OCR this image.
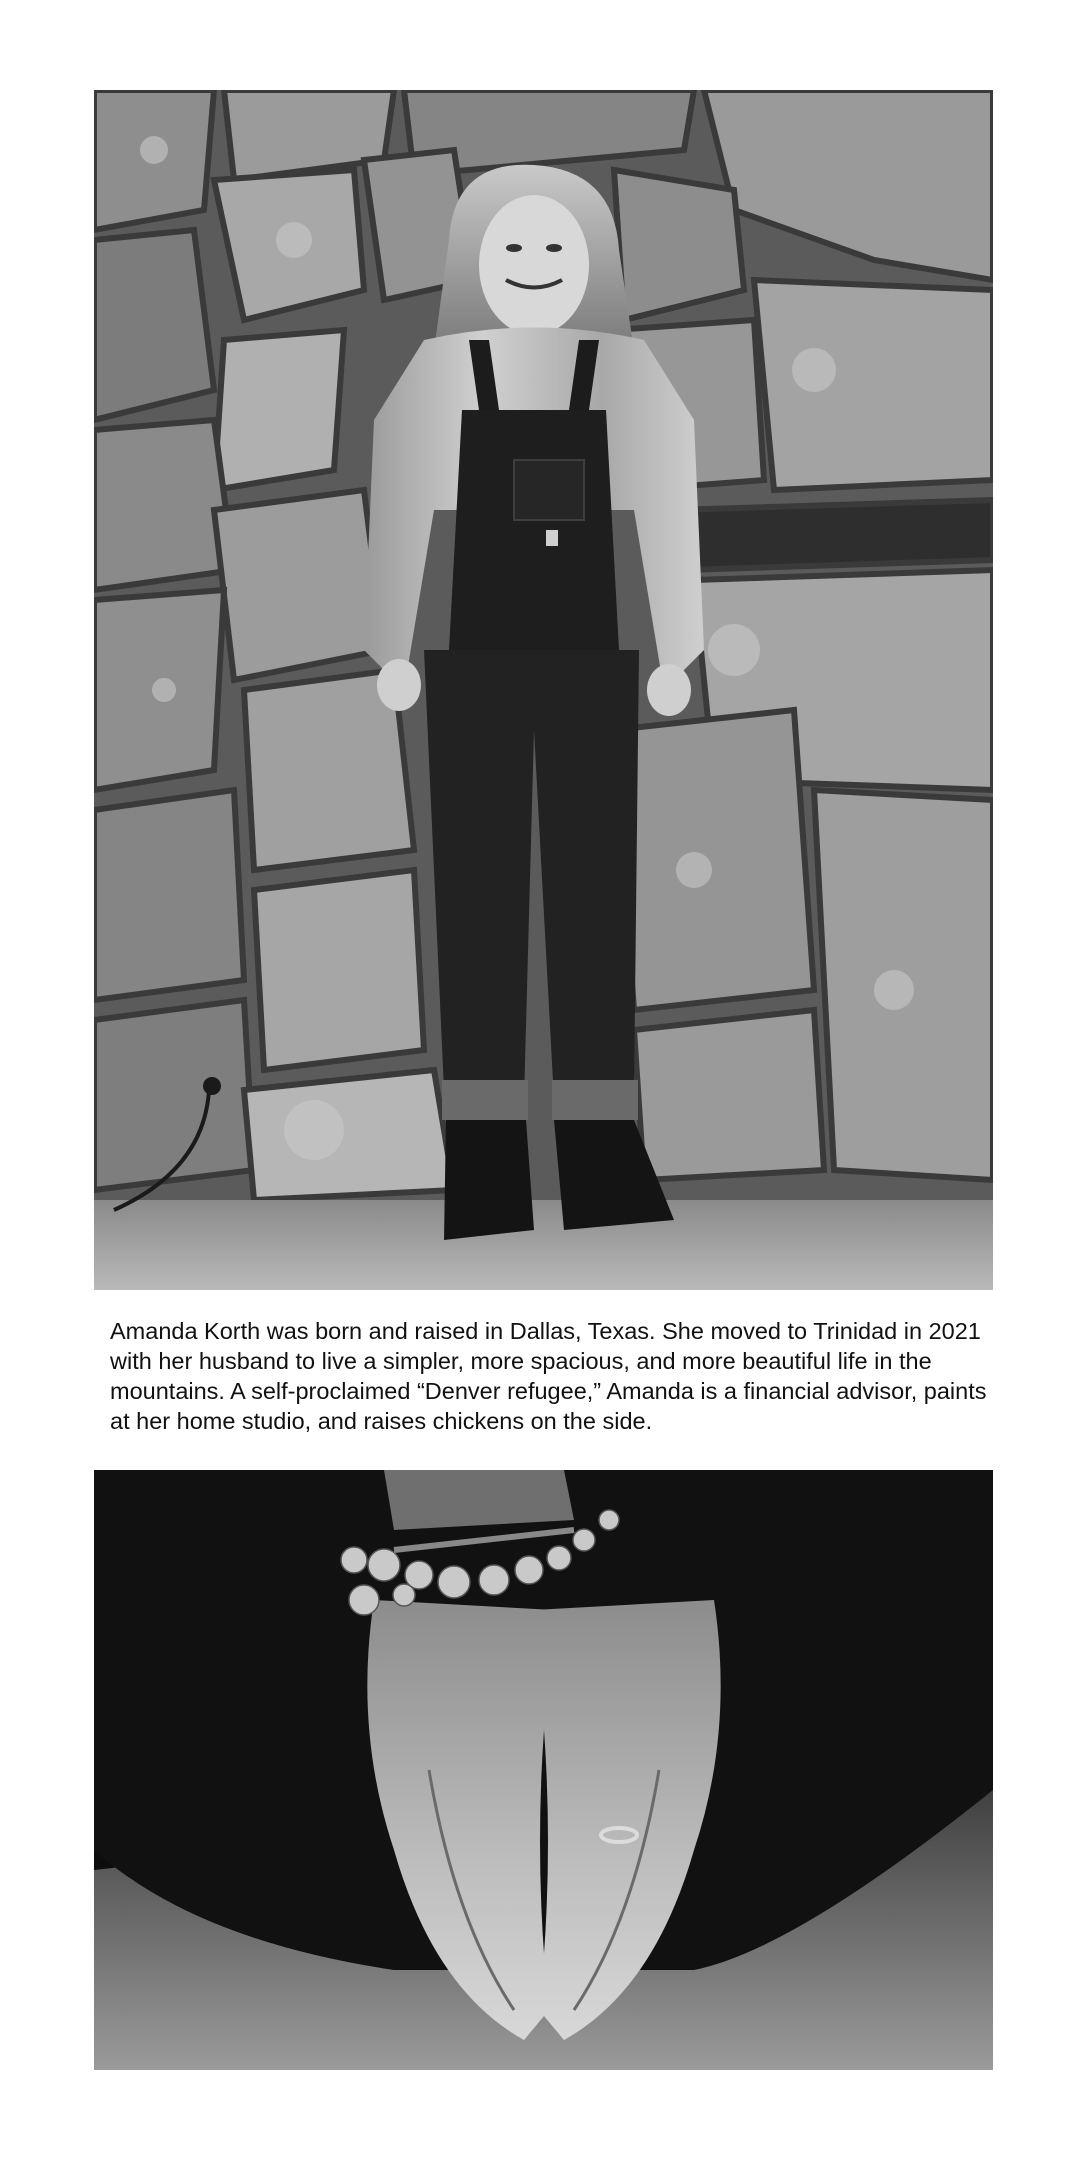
Amanda Korth was born and raised in Dallas, Texas. She moved to Trinidad in 2021 with her husband to live a simpler, more spacious, and more beautiful life in the mountains. A self-proclaimed “Denver refugee,” Amanda is a financial advisor, paints at her home studio, and raises chickens on the side.
